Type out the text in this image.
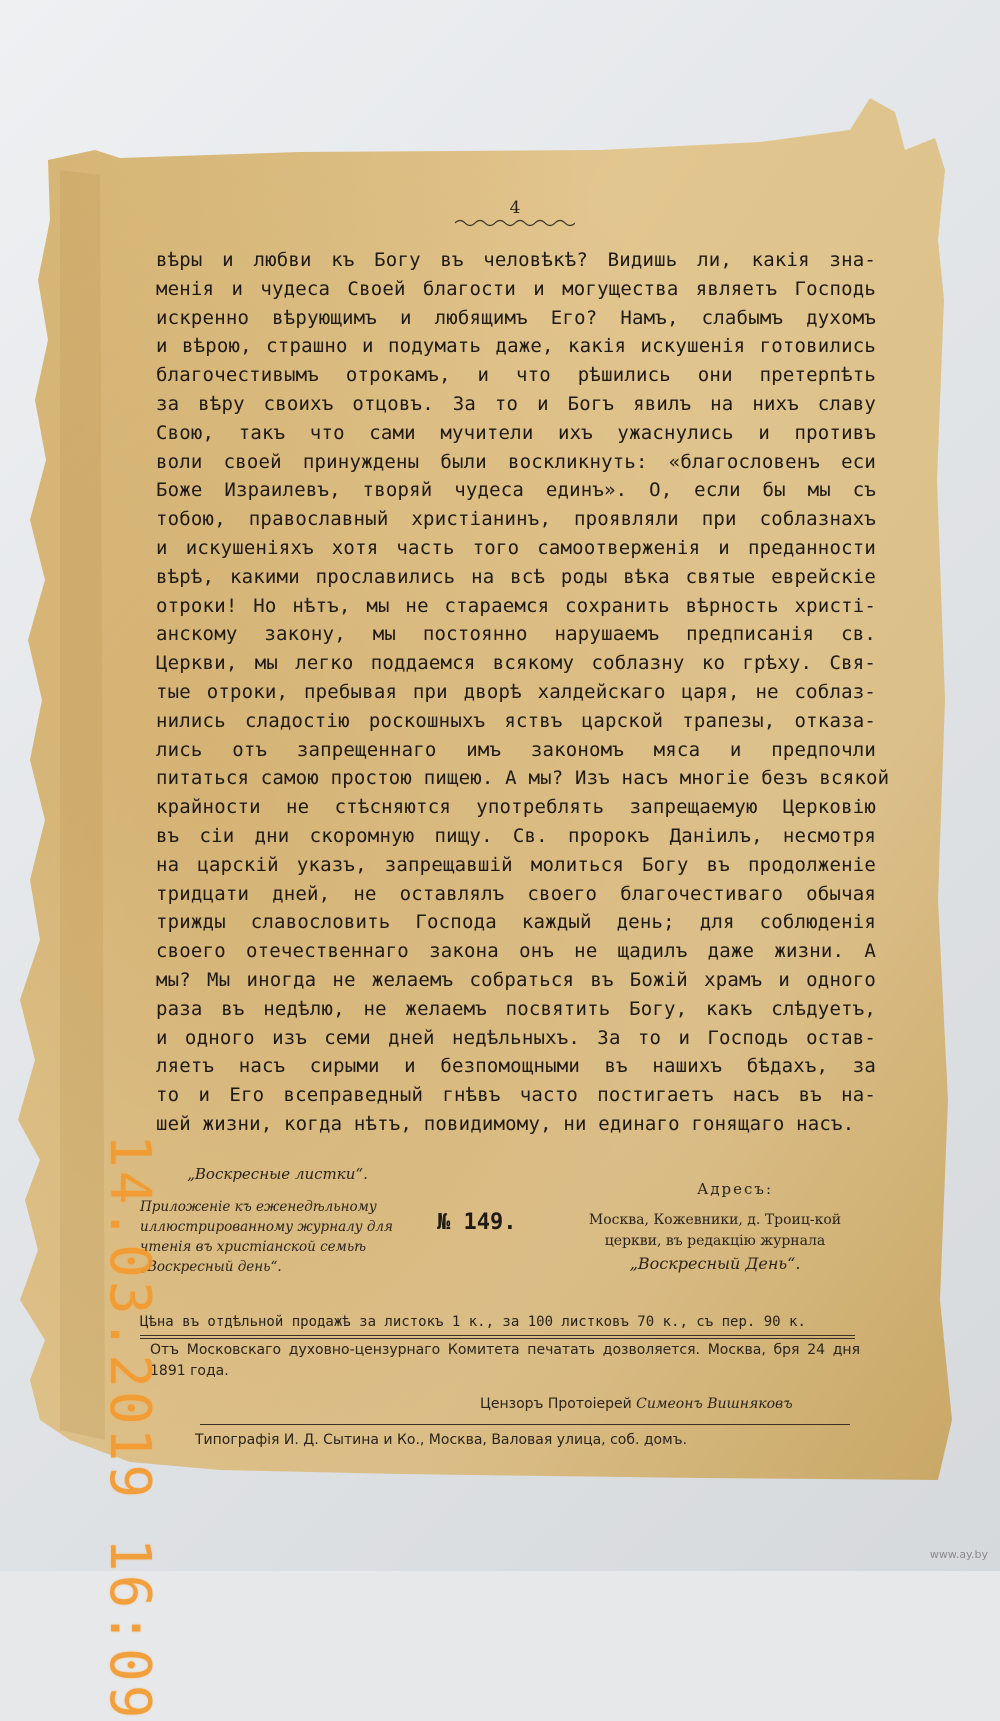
4
вѣры и любви къ Богу въ человѣкѣ? Видишь ли, какія зна-
менія и чудеса Своей благости и могущества являетъ Господь
искренно вѣрующимъ и любящимъ Его? Намъ, слабымъ духомъ
и вѣрою, страшно и подумать даже, какія искушенія готовились
благочестивымъ отрокамъ, и что рѣшились они претерпѣть
за вѣру своихъ отцовъ. За то и Богъ явилъ на нихъ славу
Свою, такъ что сами мучители ихъ ужаснулись и противъ
воли своей принуждены были воскликнуть: «благословенъ еси
Боже Израилевъ, творяй чудеса единъ». О, если бы мы съ
тобою, православный христіанинъ, проявляли при соблазнахъ
и искушеніяхъ хотя часть того самоотверженія и преданности
вѣрѣ, какими прославились на всѣ роды вѣка святые еврейскіе
отроки! Но нѣтъ, мы не стараемся сохранить вѣрность христі-
анскому закону, мы постоянно нарушаемъ предписанія св.
Церкви, мы легко поддаемся всякому соблазну ко грѣху. Свя-
тые отроки, пребывая при дворѣ халдейскаго царя, не соблаз-
нились сладостію роскошныхъ яствъ царской трапезы, отказа-
лись отъ запрещеннаго имъ закономъ мяса и предпочли
питаться самою простою пищею. А мы? Изъ насъ многіе безъ всякой
крайности не стѣсняются употреблять запрещаемую Церковію
въ сіи дни скоромную пищу. Св. пророкъ Даніилъ, несмотря
на царскій указъ, запрещавшій молиться Богу въ продолженіе
тридцати дней, не оставлялъ своего благочестиваго обычая
трижды славословить Господа каждый день; для соблюденія
своего отечественнаго закона онъ не щадилъ даже жизни. А
мы? Мы иногда не желаемъ собраться въ Божій храмъ и одного
раза въ недѣлю, не желаемъ посвятить Богу, какъ слѣдуетъ,
и одного изъ семи дней недѣльныхъ. За то и Господь остав-
ляетъ насъ сирыми и безпомощными въ нашихъ бѣдахъ, за
то и Его всеправедный гнѣвъ часто постигаетъ насъ въ на-
шей жизни, когда нѣтъ, повидимому, ни единаго гонящаго насъ.
„Воскресные листки“.
Приложеніе къ еженедѣльному иллюстрированному журналу для чтенія въ христіанской семьѣ „Воскресный день“.
№ 149.
Адресъ:
Москва, Кожевники, д. Троиц-кой церкви, въ редакцію журнала
„Воскресный День“.
Цѣна въ отдѣльной продажѣ за листокъ 1 к., за 100 листковъ 70 к., съ пер. 90 к.
Отъ Московскаго духовно-цензурнаго Комитета печатать дозволяется. Москва, бря 24 дня 1891 года.
Цензоръ Протоіерей Симеонъ Вишняковъ
Типографія И. Д. Сытина и Ко., Москва, Валовая улица, соб. домъ.
14.03.2019 16:09	www.ay.by
